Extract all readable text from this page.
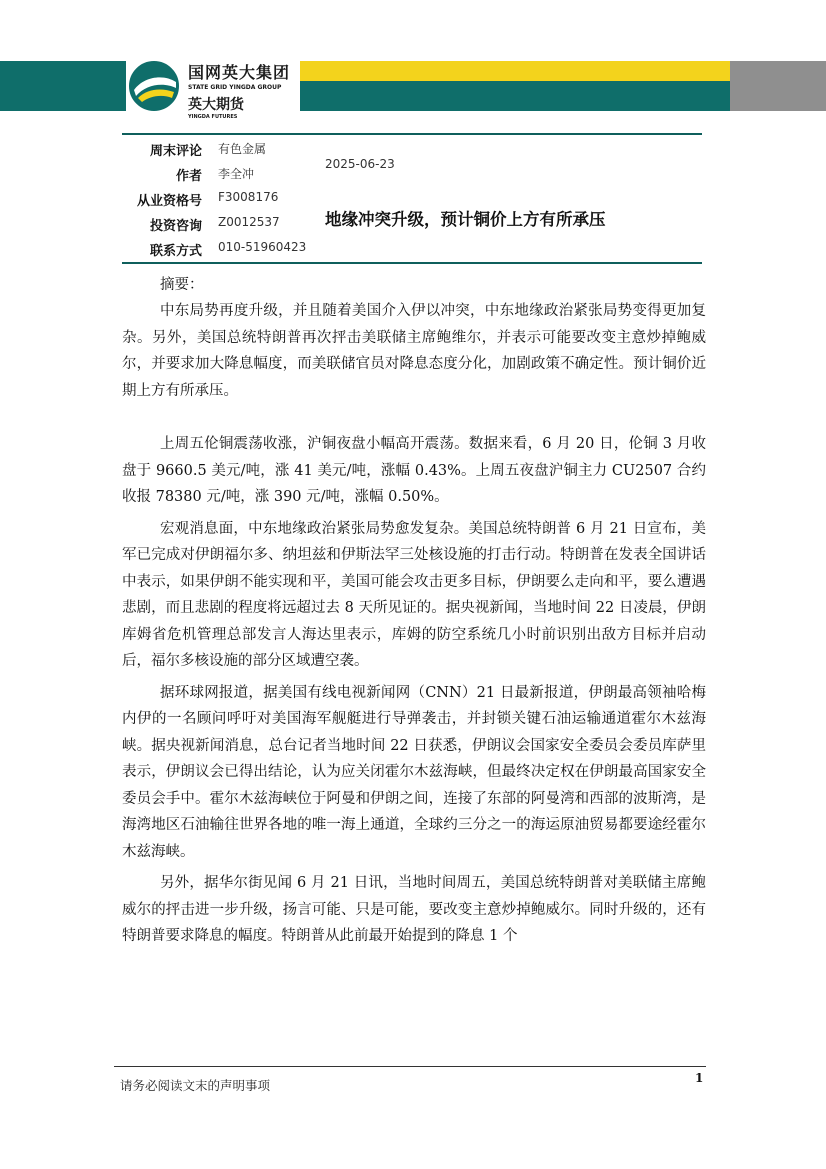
国网英大集团
STATE GRID YINGDA GROUP
英大期货
YINGDA FUTURES
周末评论 有色金属
作者 李全冲
从业资格号 F3008176
投资咨询 Z0012537
联系方式 010-51960423
2025-06-23
地缘冲突升级，预计铜价上方有所承压
摘要：

中东局势再度升级，并且随着美国介入伊以冲突，中东地缘政治紧张局势变得更加复杂。另外，美国总统特朗普再次抨击美联储主席鲍维尔，并表示可能要改变主意炒掉鲍威尔，并要求加大降息幅度，而美联储官员对降息态度分化，加剧政策不确定性。预计铜价近期上方有所承压。

上周五伦铜震荡收涨，沪铜夜盘小幅高开震荡。数据来看，6 月 20 日，伦铜 3 月收盘于 9660.5 美元/吨，涨 41 美元/吨，涨幅 0.43%。上周五夜盘沪铜主力 CU2507 合约收报 78380 元/吨，涨 390 元/吨，涨幅 0.50%。

宏观消息面，中东地缘政治紧张局势愈发复杂。美国总统特朗普 6 月 21 日宣布，美军已完成对伊朗福尔多、纳坦兹和伊斯法罕三处核设施的打击行动。特朗普在发表全国讲话中表示，如果伊朗不能实现和平，美国可能会攻击更多目标，伊朗要么走向和平，要么遭遇悲剧，而且悲剧的程度将远超过去 8 天所见证的。据央视新闻，当地时间 22 日凌晨，伊朗库姆省危机管理总部发言人海达里表示，库姆的防空系统几小时前识别出敌方目标并启动后，福尔多核设施的部分区域遭空袭。

据环球网报道，据美国有线电视新闻网（CNN）21 日最新报道，伊朗最高领袖哈梅内伊的一名顾问呼吁对美国海军舰艇进行导弹袭击，并封锁关键石油运输通道霍尔木兹海峡。据央视新闻消息，总台记者当地时间 22 日获悉，伊朗议会国家安全委员会委员库萨里表示，伊朗议会已得出结论，认为应关闭霍尔木兹海峡，但最终决定权在伊朗最高国家安全委员会手中。霍尔木兹海峡位于阿曼和伊朗之间，连接了东部的阿曼湾和西部的波斯湾，是海湾地区石油输往世界各地的唯一海上通道，全球约三分之一的海运原油贸易都要途经霍尔木兹海峡。

另外，据华尔街见闻 6 月 21 日讯，当地时间周五，美国总统特朗普对美联储主席鲍威尔的抨击进一步升级，扬言可能、只是可能，要改变主意炒掉鲍威尔。同时升级的，还有特朗普要求降息的幅度。特朗普从此前最开始提到的降息 1 个

请务必阅读文末的声明事项	1
